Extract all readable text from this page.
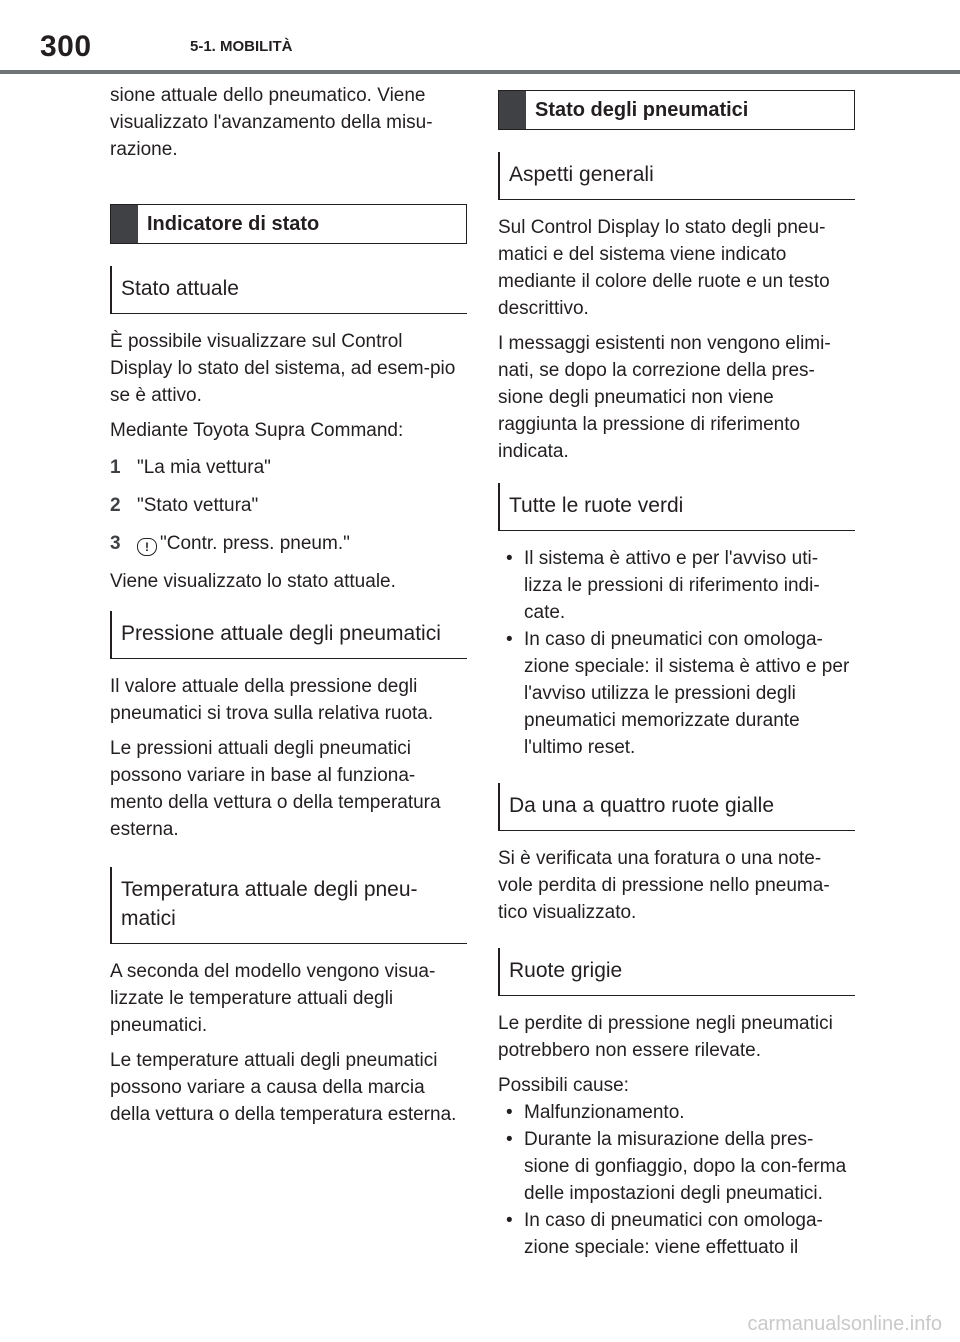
300	5-1. MOBILITÀ

sione attuale dello pneumatico. Viene visualizzato l'avanzamento della misu-razione.

Indicatore di stato
Stato attuale

È possibile visualizzare sul Control Display lo stato del sistema, ad esem-pio se è attivo.

Mediante Toyota Supra Command:

1 "La mia vettura"
2 "Stato vettura"
3	! "Contr. press. pneum."

Viene visualizzato lo stato attuale.

Pressione attuale degli pneumatici

Il valore attuale della pressione degli pneumatici si trova sulla relativa ruota.

Le pressioni attuali degli pneumatici possono variare in base al funziona-mento della vettura o della temperatura esterna.

Temperatura attuale degli pneu-matici

A seconda del modello vengono visua-lizzate le temperature attuali degli pneumatici.

Le temperature attuali degli pneumatici possono variare a causa della marcia della vettura o della temperatura esterna.

Stato degli pneumatici
Aspetti generali

Sul Control Display lo stato degli pneu-matici e del sistema viene indicato mediante il colore delle ruote e un testo descrittivo.

I messaggi esistenti non vengono elimi-nati, se dopo la correzione della pres-sione degli pneumatici non viene raggiunta la pressione di riferimento indicata.

Tutte le ruote verdi
• Il sistema è attivo e per l'avviso uti-lizza le pressioni di riferimento indi-cate.
• In caso di pneumatici con omologa-zione speciale: il sistema è attivo e per l'avviso utilizza le pressioni degli pneumatici memorizzate durante l'ultimo reset.
Da una a quattro ruote gialle

Si è verificata una foratura o una note-vole perdita di pressione nello pneuma-tico visualizzato.

Ruote grigie

Le perdite di pressione negli pneumatici potrebbero non essere rilevate.

Possibili cause:

• Malfunzionamento.
• Durante la misurazione della pres-sione di gonfiaggio, dopo la con-ferma delle impostazioni degli pneumatici.
• In caso di pneumatici con omologa-zione speciale: viene effettuato il
carmanualsonline.info
